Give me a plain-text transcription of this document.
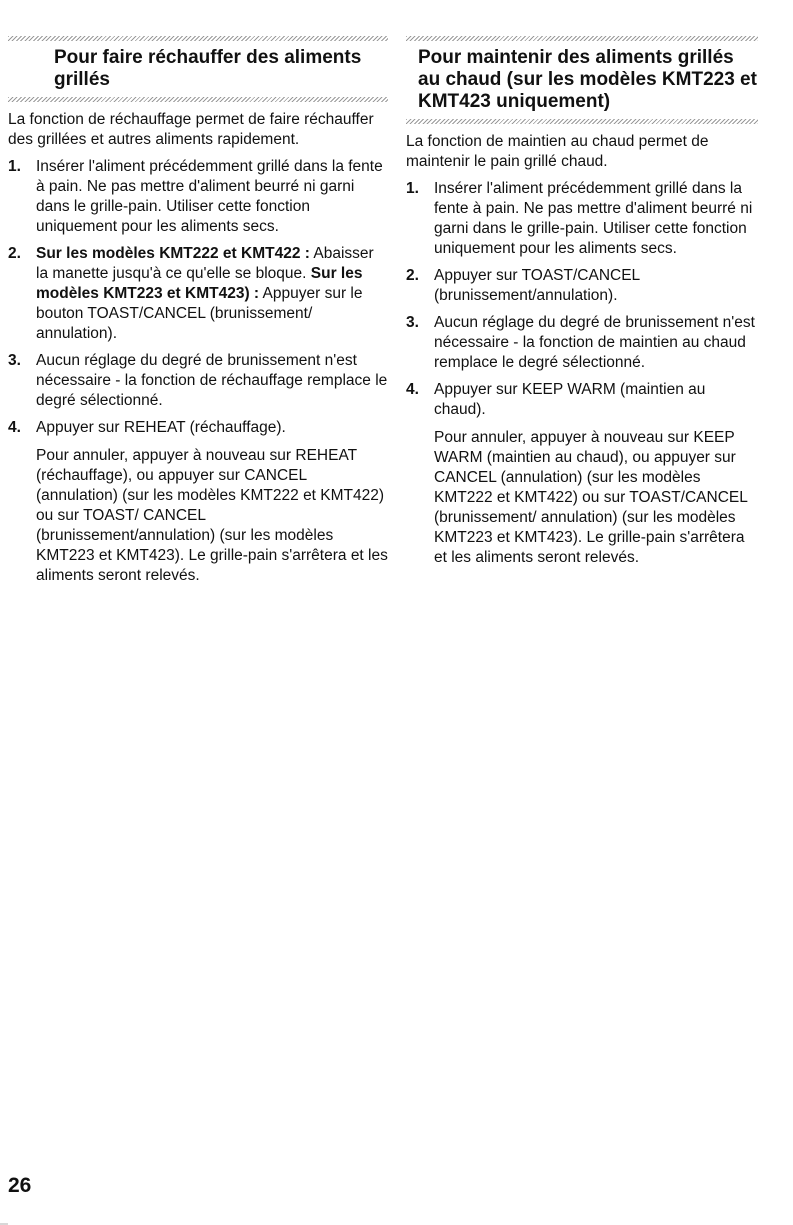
Pour faire réchauffer des aliments grillés

La fonction de réchauffage permet de faire réchauffer des grillées et autres aliments rapidement.

1. Insérer l'aliment précédemment grillé dans la fente à pain. Ne pas mettre d'aliment beurré ni garni dans le grille-pain. Utiliser cette fonction uniquement pour les aliments secs.
2. Sur les modèles KMT222 et KMT422 : Abaisser la manette jusqu'à ce qu'elle se bloque. Sur les modèles KMT223 et KMT423) : Appuyer sur le bouton TOAST/CANCEL (brunissement/ annulation).
3. Aucun réglage du degré de brunissement n'est nécessaire - la fonction de réchauffage remplace le degré sélectionné.
4. Appuyer sur REHEAT (réchauffage).
Pour annuler, appuyer à nouveau sur REHEAT (réchauffage), ou appuyer sur CANCEL (annulation) (sur les modèles KMT222 et KMT422) ou sur TOAST/ CANCEL (brunissement/annulation) (sur les modèles KMT223 et KMT423). Le grille-pain s'arrêtera et les aliments seront relevés.
Pour maintenir des aliments grillés au chaud (sur les modèles KMT223 et KMT423 uniquement)

La fonction de maintien au chaud permet de maintenir le pain grillé chaud.

1. Insérer l'aliment précédemment grillé dans la fente à pain. Ne pas mettre d'aliment beurré ni garni dans le grille-pain. Utiliser cette fonction uniquement pour les aliments secs.
2. Appuyer sur TOAST/CANCEL (brunissement/annulation).
3. Aucun réglage du degré de brunissement n'est nécessaire - la fonction de maintien au chaud remplace le degré sélectionné.
4. Appuyer sur KEEP WARM (maintien au chaud).
Pour annuler, appuyer à nouveau sur KEEP WARM (maintien au chaud), ou appuyer sur CANCEL (annulation) (sur les modèles KMT222 et KMT422) ou sur TOAST/CANCEL (brunissement/ annulation) (sur les modèles KMT223 et KMT423). Le grille-pain s'arrêtera et les aliments seront relevés.
26
